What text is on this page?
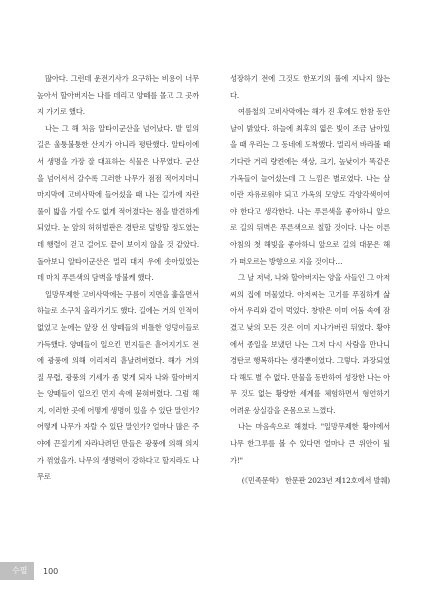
많아다. 그런데 운전기사가 요구하는 비용이 너무 높아서 할아버지는 나를 데리고 양떼를 몰고 그 곳까지 가기로 했다.

나는 그 해 처음 알타이군산을 넘어났다. 발 밑의 길은 울퉁불퉁한 산지가 아니라 평탄했다. 알타이에서 생명을 가장 잘 대표하는 식물은 나무였다. 군산을 넘어서서 갈수록 그러한 나무가 점점 적어지더니 마지막에 고비사막에 들어섰을 때 나는 길가에 자란 풀이 밟을 가릴 수도 없게 적어졌다는 점을 발견하게 되었다. 눈 앞의 허허벌판은 경탄로 덮방할 정도였는데 행렬이 걷고 걸어도 끝이 보이지 않을 것 같았다. 돌아보니 알타이군산은 멀리 대지 우에 솟아있었는데 마치 푸른색의 담벽을 방불케 했다.

일망무제한 고비사막에는 구름이 지면을 훑을면서 하늘로 소구치 올라가기도 했다. 길에는 거의 인적이 없었고 눈에는 앞장 선 양떼들의 비틀한 엉덩이들로 가득했다. 양떼들이 일으킨 먼지들은 흩어지기도 전에 광풍에 의해 이리저리 흩날려버렸다. 해가 거의 질 무렵, 광풍의 기세가 좀 멎게 되자 나와 할아버지는 양떼들이 일으킨 먼지 속에 묻혀버렸다. 그럼 해지, 이러한 곳에 어떻게 생명이 있을 수 있단 말인가? 어떻게 나무가 자랄 수 있단 말인가? 얼마나 많은 주야에 끈질기게 자라나려던 만들은 광풍에 의해 의지가 꺾였을가. 나무의 생명력이 강하다고 할지라도 나무로

성장하기 전에 그것도 한포기의 풀에 지나지 않는다.

여름철의 고비사막에는 해가 진 후에도 한참 동안 날이 밝았다. 하늘에 최후의 엷은 빛이 조금 남아있을 때 우리는 그 동네에 도착했다. 멀리서 바라볼 때 기다란 거리 량켠에는 색상, 크기, 높낮이가 똑같은 가옥들이 늘어섰는데 그 느낌은 별로였다. 나는 살이란 자유로워야 되고 가옥의 모양도 각양각색이여야 한다고 생각한다. 나는 푸른색을 좋아하니 앞으로 길의 뒤벽은 푸른색으로 칠할 것이다. 나는 이른아침의 첫 해빛을 좋아하니 앞으로 길의 대문은 해가 떠오르는 방향으로 지을 것이다…

그 날 저녁, 나와 할아버지는 양을 사들인 그 아저씨의 집에 머물었다. 아저씨는 고기를 푸짐하게 삶아서 우리와 같이 먹었다. 창밖은 이미 어둠 속에 잠겼고 낮의 모든 것은 이미 지나가버린 뒤였다. 황야에서 종일을 보냈던 나는 그저 다시 사람을 만나니 경탄코 행복하다는 생각뿐이였다. 그렇다. 과장되였다 해도 별 수 없다. 만물을 동반하여 성장한 나는 아무 것도 없는 황량한 세계를 체험하면서 형언하기 어려운 상실감을 온몸으로 느꼈다.

나는 마음속으로 해쳤다. "일망무제한 황야에서 나무 한그루를 볼 수 있다면 얼마나 큰 위안이 될가!"

(《민족문학》 한문판 2023년 제12호에서 발췌)

수필 100
